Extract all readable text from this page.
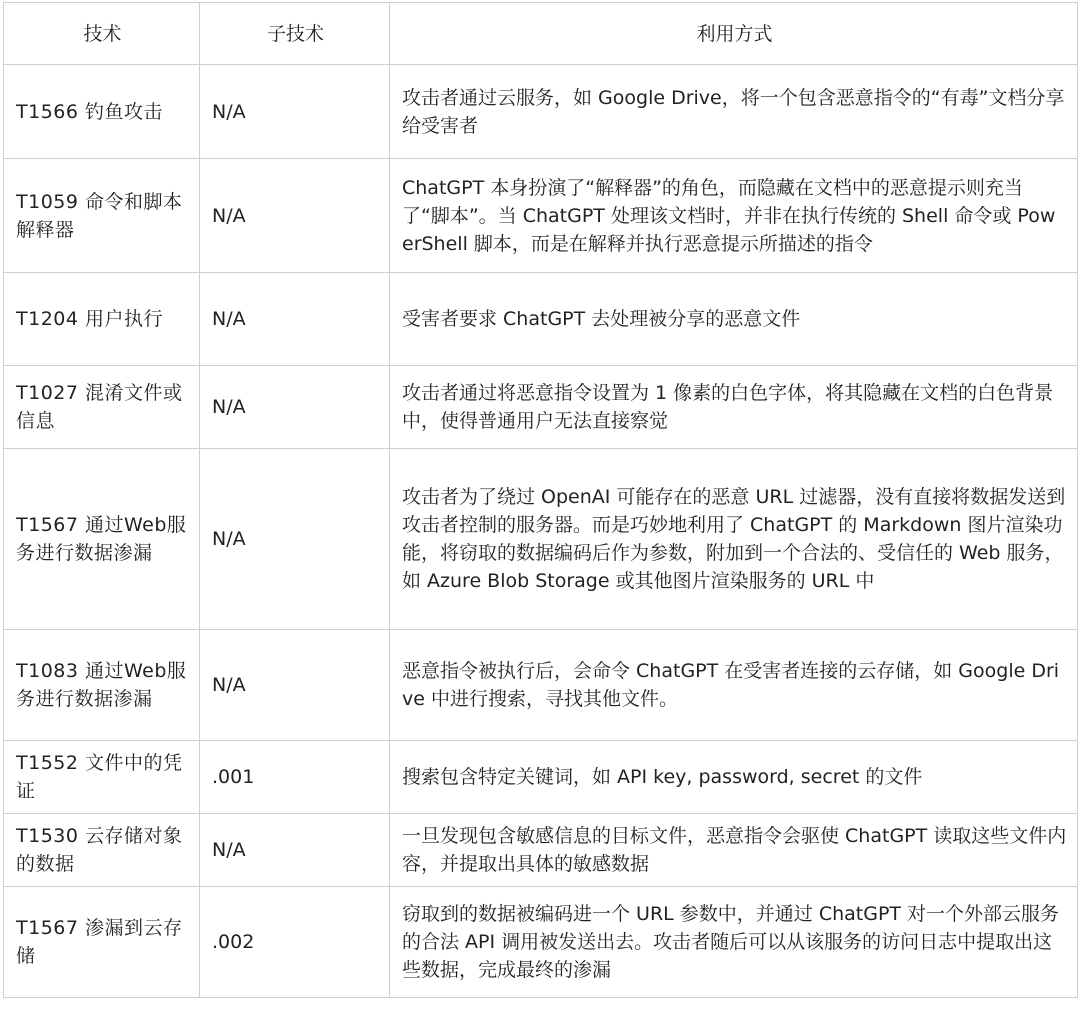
技术	子技术	利用方式
T1566 钓鱼攻击	N/A	攻击者通过云服务，如 Google Drive，将一个包含恶意指令的“有毒”文档分享给受害者
T1059 命令和脚本解释器	N/A	ChatGPT 本身扮演了“解释器”的角色，而隐藏在文档中的恶意提示则充当了“脚本”。当 ChatGPT 处理该文档时，并非在执行传统的 Shell 命令或 PowerShell 脚本，而是在解释并执行恶意提示所描述的指令
T1204 用户执行	N/A	受害者要求 ChatGPT 去处理被分享的恶意文件
T1027 混淆文件或信息	N/A	攻击者通过将恶意指令设置为 1 像素的白色字体，将其隐藏在文档的白色背景中，使得普通用户无法直接察觉
T1567 通过Web服务进行数据渗漏	N/A	攻击者为了绕过 OpenAI 可能存在的恶意 URL 过滤器，没有直接将数据发送到攻击者控制的服务器。而是巧妙地利用了 ChatGPT 的 Markdown 图片渲染功能，将窃取的数据编码后作为参数，附加到一个合法的、受信任的 Web 服务，如 Azure Blob Storage 或其他图片渲染服务的 URL 中
T1083 通过Web服务进行数据渗漏	N/A	恶意指令被执行后，会命令 ChatGPT 在受害者连接的云存储，如 Google Drive 中进行搜索，寻找其他文件。
T1552 文件中的凭证	.001	搜索包含特定关键词，如 API key, password, secret 的文件
T1530 云存储对象的数据	N/A	一旦发现包含敏感信息的目标文件，恶意指令会驱使 ChatGPT 读取这些文件内容，并提取出具体的敏感数据
T1567 渗漏到云存储	.002	窃取到的数据被编码进一个 URL 参数中，并通过 ChatGPT 对一个外部云服务的合法 API 调用被发送出去。攻击者随后可以从该服务的访问日志中提取出这些数据，完成最终的渗漏
